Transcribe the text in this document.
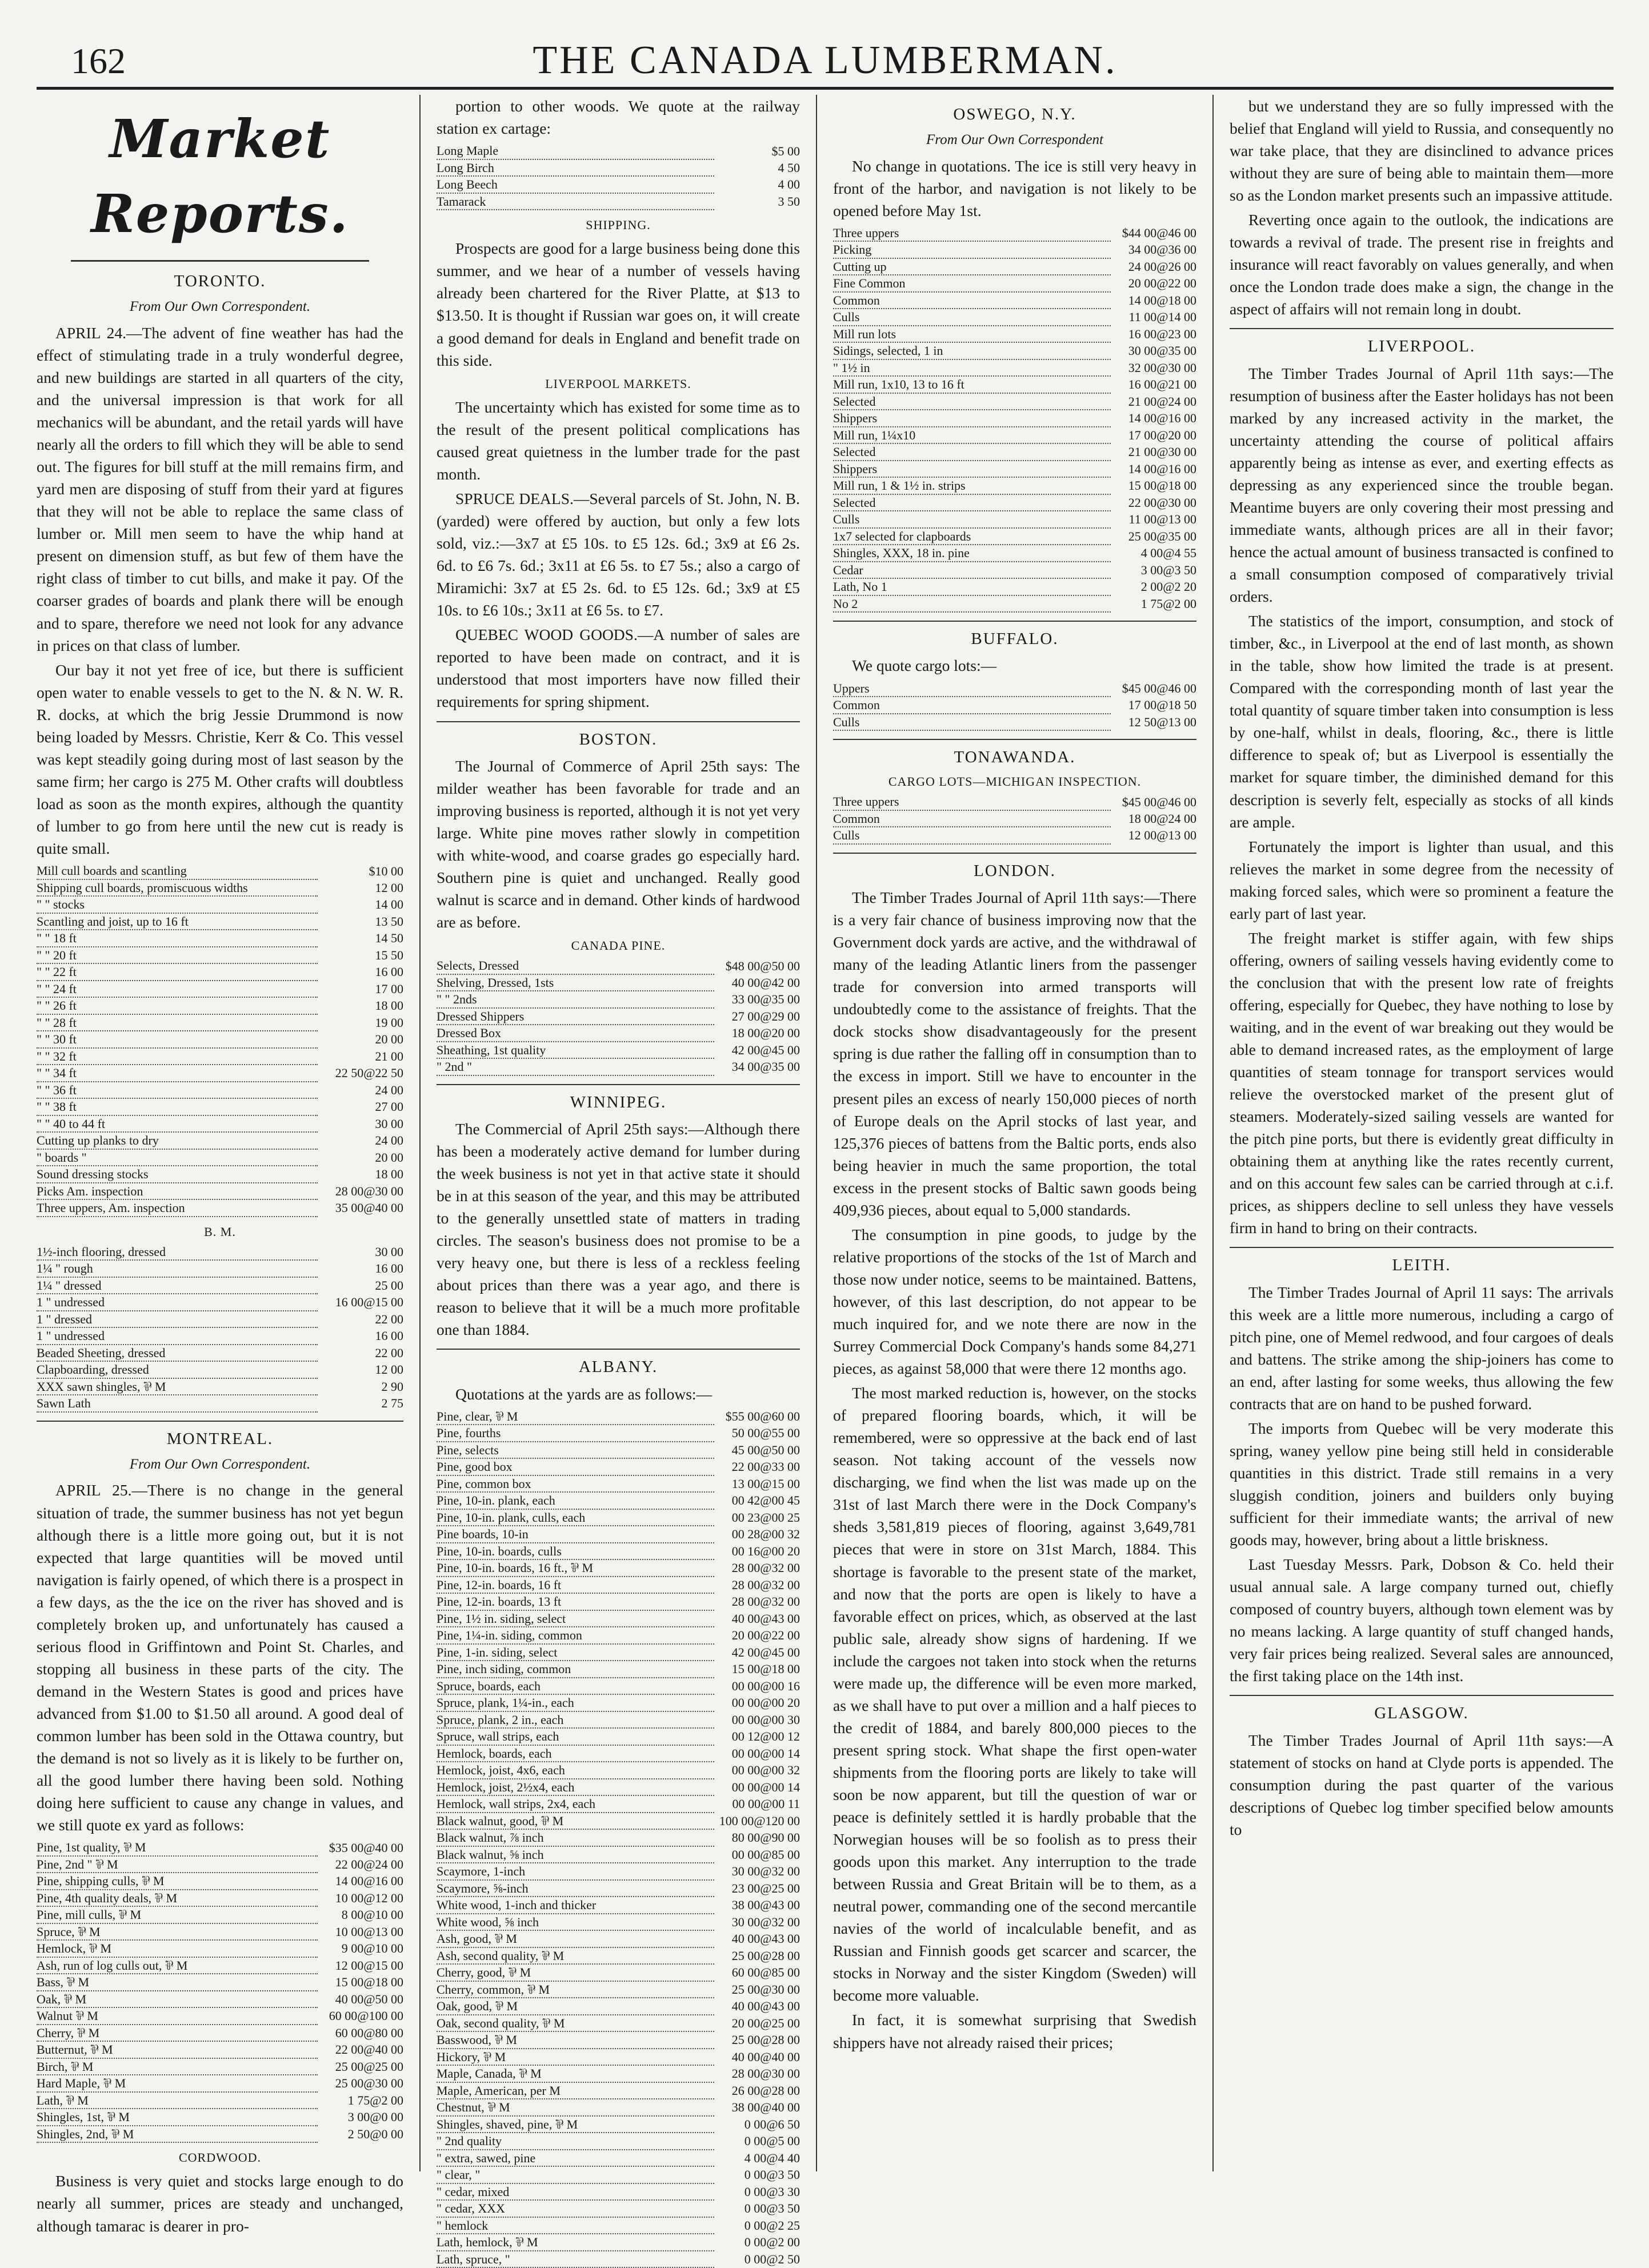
162	THE CANADA LUMBERMAN.
Market Reports.
TORONTO.
From Our Own Correspondent.

APRIL 24.—The advent of fine weather has had the effect of stimulating trade in a truly wonderful degree, and new buildings are started in all quarters of the city, and the universal impression is that work for all mechanics will be abundant, and the retail yards will have nearly all the orders to fill which they will be able to send out. The figures for bill stuff at the mill remains firm, and yard men are disposing of stuff from their yard at figures that they will not be able to replace the same class of lumber or. Mill men seem to have the whip hand at present on dimension stuff, as but few of them have the right class of timber to cut bills, and make it pay. Of the coarser grades of boards and plank there will be enough and to spare, therefore we need not look for any advance in prices on that class of lumber.

Our bay it not yet free of ice, but there is sufficient open water to enable vessels to get to the N. & N. W. R. R. docks, at which the brig Jessie Drummond is now being loaded by Messrs. Christie, Kerr & Co. This vessel was kept steadily going during most of last season by the same firm; her cargo is 275 M. Other crafts will doubtless load as soon as the month expires, although the quantity of lumber to go from here until the new cut is ready is quite small.

Mill cull boards and scantling	$10 00
Shipping cull boards, promiscuous widths	12 00
" " stocks	14 00
Scantling and joist, up to 16 ft	13 50
" " 18 ft	14 50
" " 20 ft	15 50
" " 22 ft	16 00
" " 24 ft	17 00
" " 26 ft	18 00
" " 28 ft	19 00
" " 30 ft	20 00
" " 32 ft	21 00
" " 34 ft	22 50@22 50
" " 36 ft	24 00
" " 38 ft	27 00
" " 40 to 44 ft	30 00
Cutting up planks to dry	24 00
" boards "	20 00
Sound dressing stocks	18 00
Picks Am. inspection	28 00@30 00
Three uppers, Am. inspection	35 00@40 00
B. M.
1½-inch flooring, dressed	30 00
1¼ " rough	16 00
1¼ " dressed	25 00
1 " undressed	16 00@15 00
1 " dressed	22 00
1 " undressed	16 00
Beaded Sheeting, dressed	22 00
Clapboarding, dressed	12 00
XXX sawn shingles, ⅌ M	2 90
Sawn Lath	2 75
MONTREAL.
From Our Own Correspondent.

APRIL 25.—There is no change in the general situation of trade, the summer business has not yet begun although there is a little more going out, but it is not expected that large quantities will be moved until navigation is fairly opened, of which there is a prospect in a few days, as the the ice on the river has shoved and is completely broken up, and unfortunately has caused a serious flood in Griffintown and Point St. Charles, and stopping all business in these parts of the city. The demand in the Western States is good and prices have advanced from $1.00 to $1.50 all around. A good deal of common lumber has been sold in the Ottawa country, but the demand is not so lively as it is likely to be further on, all the good lumber there having been sold. Nothing doing here sufficient to cause any change in values, and we still quote ex yard as follows:

Pine, 1st quality, ⅌ M	$35 00@40 00
Pine, 2nd " ⅌ M	22 00@24 00
Pine, shipping culls, ⅌ M	14 00@16 00
Pine, 4th quality deals, ⅌ M	10 00@12 00
Pine, mill culls, ⅌ M	8 00@10 00
Spruce, ⅌ M	10 00@13 00
Hemlock, ⅌ M	9 00@10 00
Ash, run of log culls out, ⅌ M	12 00@15 00
Bass, ⅌ M	15 00@18 00
Oak, ⅌ M	40 00@50 00
Walnut ⅌ M	60 00@100 00
Cherry, ⅌ M	60 00@80 00
Butternut, ⅌ M	22 00@40 00
Birch, ⅌ M	25 00@25 00
Hard Maple, ⅌ M	25 00@30 00
Lath, ⅌ M	1 75@2 00
Shingles, 1st, ⅌ M	3 00@0 00
Shingles, 2nd, ⅌ M	2 50@0 00
CORDWOOD.

Business is very quiet and stocks large enough to do nearly all summer, prices are steady and unchanged, although tamarac is dearer in pro-

portion to other woods. We quote at the railway station ex cartage:

Long Maple	$5 00
Long Birch	4 50
Long Beech	4 00
Tamarack	3 50
SHIPPING.

Prospects are good for a large business being done this summer, and we hear of a number of vessels having already been chartered for the River Platte, at $13 to $13.50. It is thought if Russian war goes on, it will create a good demand for deals in England and benefit trade on this side.

LIVERPOOL MARKETS.

The uncertainty which has existed for some time as to the result of the present political complications has caused great quietness in the lumber trade for the past month.

SPRUCE DEALS.—Several parcels of St. John, N. B. (yarded) were offered by auction, but only a few lots sold, viz.:—3x7 at £5 10s. to £5 12s. 6d.; 3x9 at £6 2s. 6d. to £6 7s. 6d.; 3x11 at £6 5s. to £7 5s.; also a cargo of Miramichi: 3x7 at £5 2s. 6d. to £5 12s. 6d.; 3x9 at £5 10s. to £6 10s.; 3x11 at £6 5s. to £7.

QUEBEC WOOD GOODS.—A number of sales are reported to have been made on contract, and it is understood that most importers have now filled their requirements for spring shipment.

BOSTON.

The Journal of Commerce of April 25th says: The milder weather has been favorable for trade and an improving business is reported, although it is not yet very large. White pine moves rather slowly in competition with white-wood, and coarse grades go especially hard. Southern pine is quiet and unchanged. Really good walnut is scarce and in demand. Other kinds of hardwood are as before.

CANADA PINE.
Selects, Dressed	$48 00@50 00
Shelving, Dressed, 1sts	40 00@42 00
" " 2nds	33 00@35 00
Dressed Shippers	27 00@29 00
Dressed Box	18 00@20 00
Sheathing, 1st quality	42 00@45 00
" 2nd "	34 00@35 00
WINNIPEG.

The Commercial of April 25th says:—Although there has been a moderately active demand for lumber during the week business is not yet in that active state it should be in at this season of the year, and this may be attributed to the generally unsettled state of matters in trading circles. The season's business does not promise to be a very heavy one, but there is less of a reckless feeling about prices than there was a year ago, and there is reason to believe that it will be a much more profitable one than 1884.

ALBANY.

Quotations at the yards are as follows:—

Pine, clear, ⅌ M	$55 00@60 00
Pine, fourths	50 00@55 00
Pine, selects	45 00@50 00
Pine, good box	22 00@33 00
Pine, common box	13 00@15 00
Pine, 10-in. plank, each	00 42@00 45
Pine, 10-in. plank, culls, each	00 23@00 25
Pine boards, 10-in	00 28@00 32
Pine, 10-in. boards, culls	00 16@00 20
Pine, 10-in. boards, 16 ft., ⅌ M	28 00@32 00
Pine, 12-in. boards, 16 ft	28 00@32 00
Pine, 12-in. boards, 13 ft	28 00@32 00
Pine, 1½ in. siding, select	40 00@43 00
Pine, 1¼-in. siding, common	20 00@22 00
Pine, 1-in. siding, select	42 00@45 00
Pine, inch siding, common	15 00@18 00
Spruce, boards, each	00 00@00 16
Spruce, plank, 1¼-in., each	00 00@00 20
Spruce, plank, 2 in., each	00 00@00 30
Spruce, wall strips, each	00 12@00 12
Hemlock, boards, each	00 00@00 14
Hemlock, joist, 4x6, each	00 00@00 32
Hemlock, joist, 2½x4, each	00 00@00 14
Hemlock, wall strips, 2x4, each	00 00@00 11
Black walnut, good, ⅌ M	100 00@120 00
Black walnut, ⅞ inch	80 00@90 00
Black walnut, ⅝ inch	00 00@85 00
Scaymore, 1-inch	30 00@32 00
Scaymore, ⅝-inch	23 00@25 00
White wood, 1-inch and thicker	38 00@43 00
White wood, ⅝ inch	30 00@32 00
Ash, good, ⅌ M	40 00@43 00
Ash, second quality, ⅌ M	25 00@28 00
Cherry, good, ⅌ M	60 00@85 00
Cherry, common, ⅌ M	25 00@30 00
Oak, good, ⅌ M	40 00@43 00
Oak, second quality, ⅌ M	20 00@25 00
Basswood, ⅌ M	25 00@28 00
Hickory, ⅌ M	40 00@40 00
Maple, Canada, ⅌ M	28 00@30 00
Maple, American, per M	26 00@28 00
Chestnut, ⅌ M	38 00@40 00
Shingles, shaved, pine, ⅌ M	0 00@6 50
" 2nd quality	0 00@5 00
" extra, sawed, pine	4 00@4 40
" clear, "	0 00@3 50
" cedar, mixed	0 00@3 30
" cedar, XXX	0 00@3 50
" hemlock	0 00@2 25
Lath, hemlock, ⅌ M	0 00@2 00
Lath, spruce, "	0 00@2 50
OSWEGO, N.Y.
From Our Own Correspondent

No change in quotations. The ice is still very heavy in front of the harbor, and navigation is not likely to be opened before May 1st.

Three uppers	$44 00@46 00
Picking	34 00@36 00
Cutting up	24 00@26 00
Fine Common	20 00@22 00
Common	14 00@18 00
Culls	11 00@14 00
Mill run lots	16 00@23 00
Sidings, selected, 1 in	30 00@35 00
" 1½ in	32 00@30 00
Mill run, 1x10, 13 to 16 ft	16 00@21 00
Selected	21 00@24 00
Shippers	14 00@16 00
Mill run, 1¼x10	17 00@20 00
Selected	21 00@30 00
Shippers	14 00@16 00
Mill run, 1 & 1½ in. strips	15 00@18 00
Selected	22 00@30 00
Culls	11 00@13 00
1x7 selected for clapboards	25 00@35 00
Shingles, XXX, 18 in. pine	4 00@4 55
Cedar	3 00@3 50
Lath, No 1	2 00@2 20
No 2	1 75@2 00
BUFFALO.

We quote cargo lots:—

Uppers	$45 00@46 00
Common	17 00@18 50
Culls	12 50@13 00
TONAWANDA.
CARGO LOTS—MICHIGAN INSPECTION.
Three uppers	$45 00@46 00
Common	18 00@24 00
Culls	12 00@13 00
LONDON.

The Timber Trades Journal of April 11th says:—There is a very fair chance of business improving now that the Government dock yards are active, and the withdrawal of many of the leading Atlantic liners from the passenger trade for conversion into armed transports will undoubtedly come to the assistance of freights. That the dock stocks show disadvantageously for the present spring is due rather the falling off in consumption than to the excess in import. Still we have to encounter in the present piles an excess of nearly 150,000 pieces of north of Europe deals on the April stocks of last year, and 125,376 pieces of battens from the Baltic ports, ends also being heavier in much the same proportion, the total excess in the present stocks of Baltic sawn goods being 409,936 pieces, about equal to 5,000 standards.

The consumption in pine goods, to judge by the relative proportions of the stocks of the 1st of March and those now under notice, seems to be maintained. Battens, however, of this last description, do not appear to be much inquired for, and we note there are now in the Surrey Commercial Dock Company's hands some 84,271 pieces, as against 58,000 that were there 12 months ago.

The most marked reduction is, however, on the stocks of prepared flooring boards, which, it will be remembered, were so oppressive at the back end of last season. Not taking account of the vessels now discharging, we find when the list was made up on the 31st of last March there were in the Dock Company's sheds 3,581,819 pieces of flooring, against 3,649,781 pieces that were in store on 31st March, 1884. This shortage is favorable to the present state of the market, and now that the ports are open is likely to have a favorable effect on prices, which, as observed at the last public sale, already show signs of hardening. If we include the cargoes not taken into stock when the returns were made up, the difference will be even more marked, as we shall have to put over a million and a half pieces to the credit of 1884, and barely 800,000 pieces to the present spring stock. What shape the first open-water shipments from the flooring ports are likely to take will soon be now apparent, but till the question of war or peace is definitely settled it is hardly probable that the Norwegian houses will be so foolish as to press their goods upon this market. Any interruption to the trade between Russia and Great Britain will be to them, as a neutral power, commanding one of the second mercantile navies of the world of incalculable benefit, and as Russian and Finnish goods get scarcer and scarcer, the stocks in Norway and the sister Kingdom (Sweden) will become more valuable.

In fact, it is somewhat surprising that Swedish shippers have not already raised their prices;

but we understand they are so fully impressed with the belief that England will yield to Russia, and consequently no war take place, that they are disinclined to advance prices without they are sure of being able to maintain them—more so as the London market presents such an impassive attitude.

Reverting once again to the outlook, the indications are towards a revival of trade. The present rise in freights and insurance will react favorably on values generally, and when once the London trade does make a sign, the change in the aspect of affairs will not remain long in doubt.

LIVERPOOL.

The Timber Trades Journal of April 11th says:—The resumption of business after the Easter holidays has not been marked by any increased activity in the market, the uncertainty attending the course of political affairs apparently being as intense as ever, and exerting effects as depressing as any experienced since the trouble began. Meantime buyers are only covering their most pressing and immediate wants, although prices are all in their favor; hence the actual amount of business transacted is confined to a small consumption composed of comparatively trivial orders.

The statistics of the import, consumption, and stock of timber, &c., in Liverpool at the end of last month, as shown in the table, show how limited the trade is at present. Compared with the corresponding month of last year the total quantity of square timber taken into consumption is less by one-half, whilst in deals, flooring, &c., there is little difference to speak of; but as Liverpool is essentially the market for square timber, the diminished demand for this description is severly felt, especially as stocks of all kinds are ample.

Fortunately the import is lighter than usual, and this relieves the market in some degree from the necessity of making forced sales, which were so prominent a feature the early part of last year.

The freight market is stiffer again, with few ships offering, owners of sailing vessels having evidently come to the conclusion that with the present low rate of freights offering, especially for Quebec, they have nothing to lose by waiting, and in the event of war breaking out they would be able to demand increased rates, as the employment of large quantities of steam tonnage for transport services would relieve the overstocked market of the present glut of steamers. Moderately-sized sailing vessels are wanted for the pitch pine ports, but there is evidently great difficulty in obtaining them at anything like the rates recently current, and on this account few sales can be carried through at c.i.f. prices, as shippers decline to sell unless they have vessels firm in hand to bring on their contracts.

LEITH.

The Timber Trades Journal of April 11 says: The arrivals this week are a little more numerous, including a cargo of pitch pine, one of Memel redwood, and four cargoes of deals and battens. The strike among the ship-joiners has come to an end, after lasting for some weeks, thus allowing the few contracts that are on hand to be pushed forward.

The imports from Quebec will be very moderate this spring, waney yellow pine being still held in considerable quantities in this district. Trade still remains in a very sluggish condition, joiners and builders only buying sufficient for their immediate wants; the arrival of new goods may, however, bring about a little briskness.

Last Tuesday Messrs. Park, Dobson & Co. held their usual annual sale. A large company turned out, chiefly composed of country buyers, although town element was by no means lacking. A large quantity of stuff changed hands, very fair prices being realized. Several sales are announced, the first taking place on the 14th inst.

GLASGOW.

The Timber Trades Journal of April 11th says:—A statement of stocks on hand at Clyde ports is appended. The consumption during the past quarter of the various descriptions of Quebec log timber specified below amounts to
